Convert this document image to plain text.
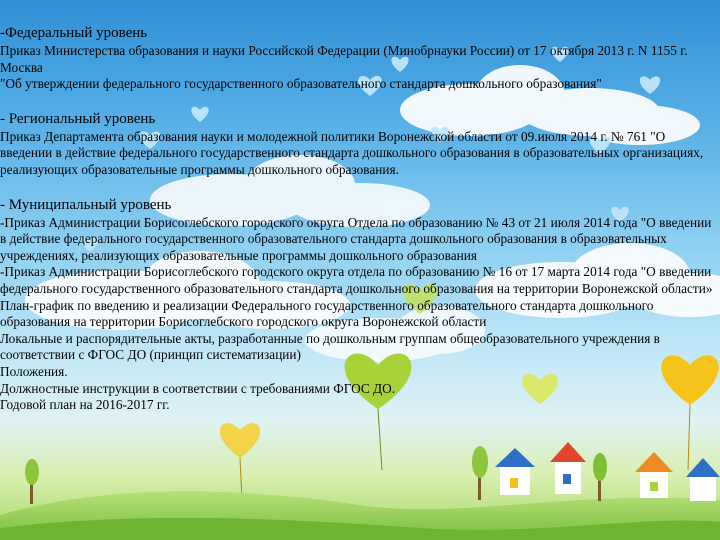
-Федеральный уровень

Приказ Министерства образования и науки Российской Федерации (Минобрнауки России) от 17 октября 2013 г. N 1155 г. Москва

"Об утверждении федерального государственного образовательного стандарта дошкольного образования"

- Региональный уровень

Приказ Департамента образования науки и молодежной политики Воронежской области от 09.июля 2014 г. № 761 "О введении в действие федерального государственного стандарта дошкольного образования в образовательных организациях, реализующих образовательные программы дошкольного образования.

- Муниципальный уровень

-Приказ Администрации Борисоглебского городского округа Отдела по образованию № 43 от 21 июля 2014 года "О введении в действие федерального государственного образовательного стандарта дошкольного образования в образовательных учреждениях, реализующих образовательные программы дошкольного образования

-Приказ Администрации Борисоглебского городского округа отдела по образованию № 16 от 17 марта 2014 года "О введении федерального государственного образовательного стандарта дошкольного образования на территории Воронежской области»

План-график по введению и реализации Федерального государственного образовательного стандарта дошкольного образования на территории Борисоглебского городского округа Воронежской области

Локальные и распорядительные акты, разработанные по дошкольным группам общеобразовательного учреждения в соответствии с ФГОС ДО (принцип систематизации)

Положения.

Должностные инструкции в соответствии с требованиями ФГОС ДО.

Годовой план на 2016-2017 гг.
